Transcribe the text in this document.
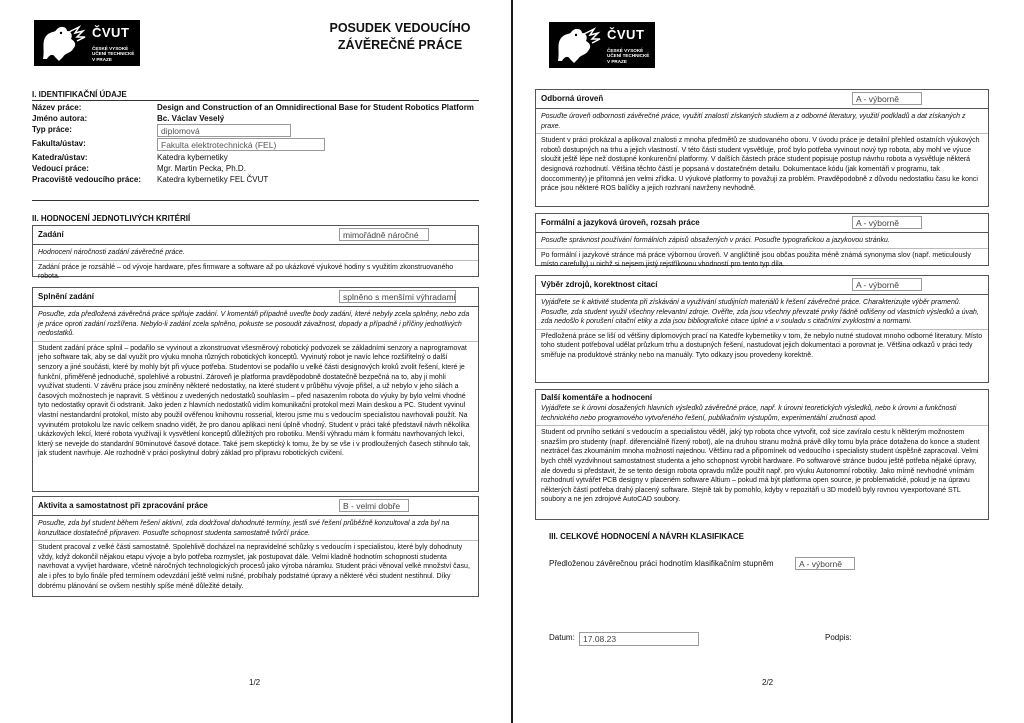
ČVUT
ČESKÉ VYSOKÉ
UČENÍ TECHNICKÉ
V PRAZE
POSUDEK VEDOUCÍHO
ZÁVĚREČNÉ PRÁCE
I. IDENTIFIKAČNÍ ÚDAJE
Název práce:	Design and Construction of an Omnidirectional Base for Student Robotics Platform
Jméno autora:	Bc. Václav Veselý
Typ práce:	diplomová
Fakulta/ústav:	Fakulta elektrotechnická (FEL)
Katedra/ústav:	Katedra kybernetiky
Vedoucí práce:	Mgr. Martin Pecka, Ph.D.
Pracoviště vedoucího práce:	Katedra kybernetiky FEL ČVUT
II. HODNOCENÍ JEDNOTLIVÝCH KRITÉRIÍ
Zadání	mimořádně náročné
Hodnocení náročnosti zadání závěrečné práce.
Zadání práce je rozsáhlé – od vývoje hardware, přes firmware a software až po ukázkové výukové hodiny s využitím zkonstruovaného robota.
Splnění zadání	splněno s menšími výhradami
Posuďte, zda předložená závěrečná práce splňuje zadání. V komentáři případně uveďte body zadání, které nebyly zcela splněny, nebo zda je práce oproti zadání rozšířena. Nebylo-li zadání zcela splněno, pokuste se posoudit závažnost, dopady a případně i příčiny jednotlivých nedostatků.
Student zadání práce splnil – podařilo se vyvinout a zkonstruovat všesměrový robotický podvozek se základními senzory a naprogramovat jeho software tak, aby se dal využít pro výuku mnoha různých robotických konceptů. Vyvinutý robot je navíc lehce rozšiřitelný o další senzory a jiné součásti, které by mohly být při výuce potřeba. Studentovi se podařilo u velké části designových kroků zvolit řešení, které je funkční, přiměřeně jednoduché, spolehlivé a robustní. Zároveň je platforma pravděpodobně dostatečně bezpečná na to, aby ji mohli využívat studenti. V závěru práce jsou zmíněny některé nedostatky, na které student v průběhu vývoje přišel, a už nebylo v jeho silách a časových možnostech je napravit. S většinou z uvedených nedostatků souhlasím – před nasazením robota do výuky by bylo velmi vhodné tyto nedostatky opravit či odstranit. Jako jeden z hlavních nedostatků vidím komunikační protokol mezi Main deskou a PC. Student vyvinul vlastní nestandardní protokol, místo aby použil ověřenou knihovnu rosserial, kterou jsme mu s vedoucím specialistou navrhovali použít. Na vyvinutém protokolu lze navíc celkem snadno vidět, že pro danou aplikaci není úplně vhodný. Student v práci také představil návrh několika ukázkových lekcí, které robota využívají k vysvětlení konceptů důležitých pro robotiku. Menší výhradu mám k formátu navrhovaných lekcí, který se nevejde do standardní 90minutové časové dotace. Také jsem skeptický k tomu, že by se vše i v prodloužených časech stihnulo tak, jak student navrhuje. Ale rozhodně v práci poskytnul dobrý základ pro přípravu robotických cvičení.
Aktivita a samostatnost při zpracování práce	B - velmi dobře
Posuďte, zda byl student během řešení aktivní, zda dodržoval dohodnuté termíny, jestli své řešení průběžně konzultoval a zda byl na konzultace dostatečně připraven. Posuďte schopnost studenta samostatně tvůrčí práce.
Student pracoval z velké části samostatně. Spolehlivě docházel na nepravidelné schůzky s vedoucím i specialistou, které byly dohodnuty vždy, když dokončil nějakou etapu vývoje a bylo potřeba rozmyslet, jak postupovat dále. Velmi kladně hodnotím schopnosti studenta navrhovat a vyvíjet hardware, včetně náročných technologických procesů jako výroba náramku. Student práci věnoval velké množství času, ale i přes to bylo finále před termínem odevzdání ještě velmi rušné, probíhaly podstatné úpravy a některé věci student nestihnul. Díky dobrému plánování se ovšem nestihly spíše méně důležité detaily.
1/2
ČVUT
ČESKÉ VYSOKÉ
UČENÍ TECHNICKÉ
V PRAZE
Odborná úroveň	A - výborně
Posuďte úroveň odbornosti závěrečné práce, využití znalostí získaných studiem a z odborné literatury, využití podkladů a dat získaných z praxe.
Student v práci prokázal a aplikoval znalosti z mnoha předmětů ze studovaného oboru. V úvodu práce je detailní přehled ostatních výukových robotů dostupných na trhu a jejich vlastností. V této části student vysvětluje, proč bylo potřeba vyvinout nový typ robota, aby mohl ve výuce sloužit ještě lépe než dostupné konkurenční platformy. V dalších částech práce student popisuje postup návrhu robota a vysvětluje některá designová rozhodnutí. Většina těchto částí je popsaná v dostatečném detailu. Dokumentace kódu (jak komentáři v programu, tak doccommenty) je přítomná jen velmi zřídka. U výukové platformy to považuji za problém. Pravděpodobně z důvodu nedostatku času ke konci práce jsou některé ROS balíčky a jejich rozhraní navrženy nevhodně.
Formální a jazyková úroveň, rozsah práce	A - výborně
Posuďte správnost používání formálních zápisů obsažených v práci. Posuďte typografickou a jazykovou stránku.
Po formální i jazykové stránce má práce výbornou úroveň. V angličtině jsou občas použita méně známá synonyma slov (např. meticulously místo carefully) u nichž si nejsem jistý rejstříkovou vhodností pro tento typ díla.
Výběr zdrojů, korektnost citací	A - výborně
Vyjádřete se k aktivitě studenta při získávání a využívání studijních materiálů k řešení závěrečné práce. Charakterizujte výběr pramenů. Posuďte, zda student využil všechny relevantní zdroje. Ověřte, zda jsou všechny převzaté prvky řádně odlišeny od vlastních výsledků a úvah, zda nedošlo k porušení citační etiky a zda jsou bibliografické citace úplné a v souladu s citačními zvyklostmi a normami.
Předložená práce se liší od většiny diplomových prací na Katedře kybernetiky v tom, že nebylo nutné studovat mnoho odborné literatury. Místo toho student potřeboval udělat průzkum trhu a dostupných řešení, nastudovat jejich dokumentaci a porovnat je. Většina odkazů v práci tedy směřuje na produktové stránky nebo na manuály. Tyto odkazy jsou provedeny korektně.
Další komentáře a hodnocení
Vyjádřete se k úrovni dosažených hlavních výsledků závěrečné práce, např. k úrovni teoretických výsledků, nebo k úrovni a funkčnosti technického nebo programového vytvořeného řešení, publikačním výstupům, experimentální zručnosti apod.
Student od prvního setkání s vedoucím a specialistou věděl, jaký typ robota chce vytvořit, což sice zavíralo cestu k některým možnostem snazším pro studenty (např. diferenciálně řízený robot), ale na druhou stranu možná právě díky tomu byla práce dotažena do konce a student neztrácel čas zkoumáním mnoha možností najednou. Většinu rad a připomínek od vedoucího i specialisty student úspěšně zapracoval. Velmi bych chtěl vyzdvihnout samostatnost studenta a jeho schopnost vyrobit hardware. Po softwarové stránce budou ještě potřeba nějaké úpravy, ale dovedu si představit, že se tento design robota opravdu může použít např. pro výuku Autonomní robotiky. Jako mírně nevhodné vnímám rozhodnutí vytvářet PCB designy v placeném software Altium – pokud má být platforma open source, je problematické, pokud je na úpravu některých částí potřeba drahý placený software. Stejně tak by pomohlo, kdyby v repozitáři u 3D modelů byly rovnou vyexportované STL soubory a ne jen zdrojové AutoCAD soubory.
III. CELKOVÉ HODNOCENÍ A NÁVRH KLASIFIKACE
Předloženou závěrečnou práci hodnotím klasifikačním stupněm	A - výborně
Datum: 17.08.23	Podpis:
2/2
